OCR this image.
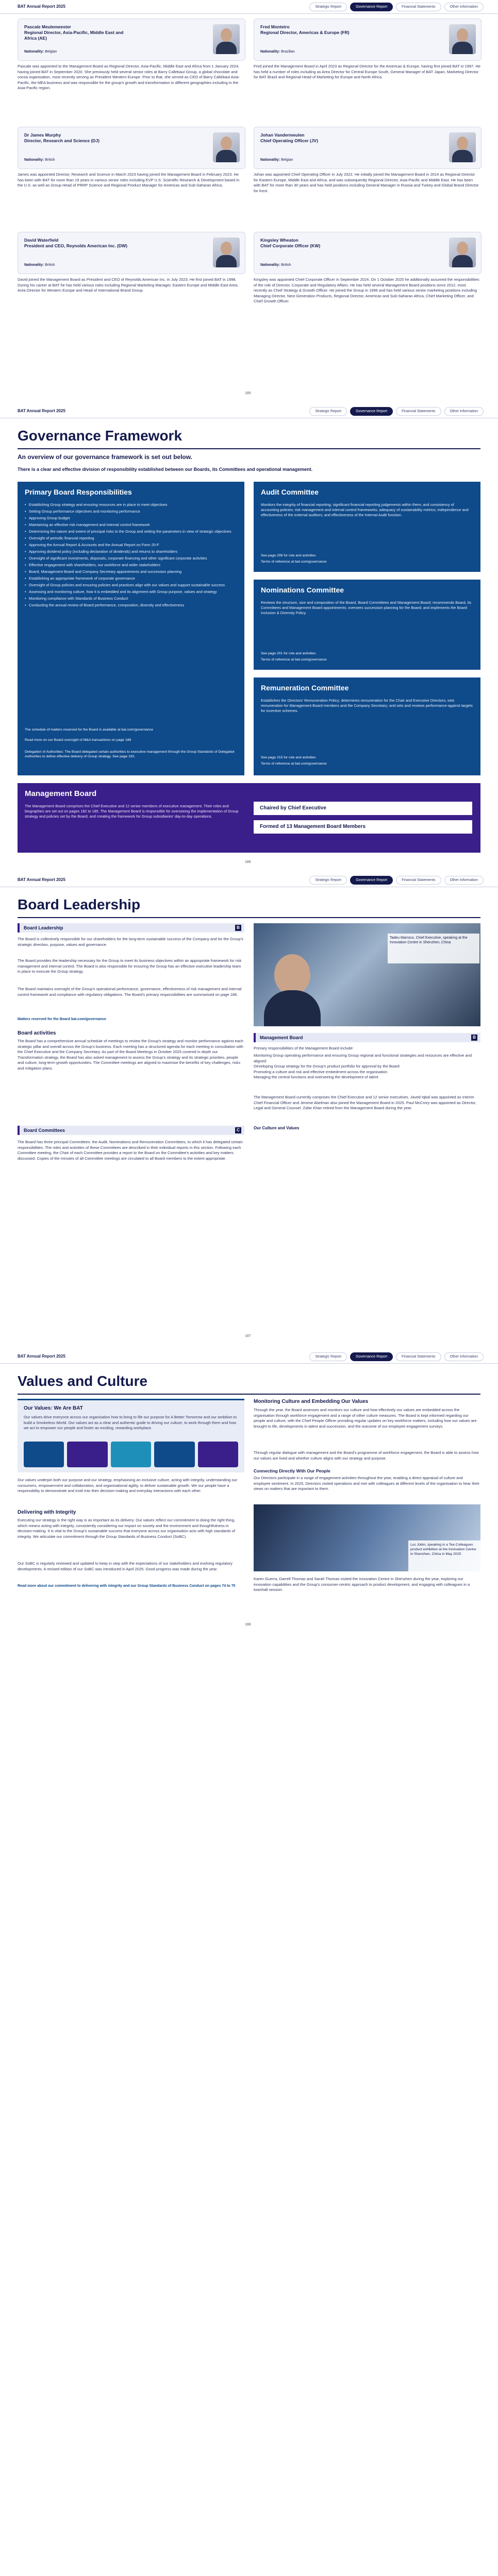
BAT Annual Report 2025	Strategic Report	Governance Report	Financial Statements	Other Information
Pascale Meulemeester
Regional Director, Asia-Pacific, Middle East and Africa (AE)
Nationality: Belgian
Fred Monteiro
Regional Director, Americas & Europe (FR)
Nationality: Brazilian
Pascale was appointed to the Management Board as Regional Director, Asia-Pacific, Middle East and Africa from 1 January 2024, having joined BAT in September 2020. She previously held several senior roles at Barry Callebaut Group, a global chocolate and cocoa organisation, most recently serving as President Western Europe. Prior to that, she served as CEO of Barry Callebaut Asia-Pacific, the MEA business and was responsible for the group's growth and transformation in different geographies including in the Asia-Pacific region.
Fred joined the Management Board in April 2023 as Regional Director for the Americas & Europe, having first joined BAT in 1997. He has held a number of roles including as Area Director for Central Europe South, General Manager of BAT Japan, Marketing Director for BAT Brazil and Regional Head of Marketing for Europe and North Africa.
Dr James Murphy
Director, Research and Science (DJ)
Nationality: British
Johan Vandermeulen
Chief Operating Officer (JV)
Nationality: Belgian
James was appointed Director, Research and Science in March 2023 having joined the Management Board in February 2023. He has been with BAT for more than 19 years in various senior roles including EVP U.S. Scientific Research & Development based in the U.S. as well as Group Head of PRRP Science and Regional Product Manager for Americas and Sub-Saharan Africa.
Johan was appointed Chief Operating Officer in July 2022. He initially joined the Management Board in 2014 as Regional Director for Eastern Europe, Middle East and Africa, and was subsequently Regional Director, Asia-Pacific and Middle East. He has been with BAT for more than 30 years and has held positions including General Manager in Russia and Turkey and Global Brand Director for Kent.
David Waterfield
President and CEO, Reynolds American Inc. (DW)
Nationality: British
Kingsley Wheaton
Chief Corporate Officer (KW)
Nationality: British
David joined the Management Board as President and CEO of Reynolds American Inc. in July 2023. He first joined BAT in 1998. During his career at BAT he has held various roles including Regional Marketing Manager, Eastern Europe and Middle East Area, Area Director for Western Europe and Head of International Brand Group.
Kingsley was appointed Chief Corporate Officer in September 2024. On 1 October 2025 he additionally assumed the responsibilities of the role of Director, Corporate and Regulatory Affairs. He has held several Management Board positions since 2012, most recently as Chief Strategy & Growth Officer. He joined the Group in 1996 and has held various senior marketing positions including Managing Director, Next Generation Products, Regional Director, Americas and Sub-Saharan Africa, Chief Marketing Officer, and Chief Growth Officer.
185
BAT Annual Report 2025	Strategic Report	Governance Report	Financial Statements	Other Information
Governance Framework
An overview of our governance framework is set out below.
There is a clear and effective division of responsibility established between our Boards, its Committees and operational management.
Primary Board Responsibilities
• Establishing Group strategy and ensuring resources are in place to meet objectives
• Setting Group performance objectives and monitoring performance
• Approving Group budget
• Maintaining an effective risk management and internal control framework
• Determining the nature and extent of principal risks to the Group and setting the parameters in view of strategic objectives
• Oversight of periodic financial reporting
• Approving the Annual Report & Accounts and the Annual Report on Form 20-F
• Approving dividend policy (including declaration of dividends) and returns to shareholders
• Oversight of significant investments, disposals, corporate financing and other significant corporate activities
• Effective engagement with shareholders, our workforce and wider stakeholders
• Board, Management Board and Company Secretary appointments and succession planning
• Establishing an appropriate framework of corporate governance
• Oversight of Group policies and ensuring policies and practices align with our values and support sustainable success
• Assessing and monitoring culture, how it is embedded and its alignment with Group purpose, values and strategy
• Monitoring compliance with Standards of Business Conduct
• Conducting the annual review of Board performance, composition, diversity and effectiveness
The schedule of matters reserved for the Board is available at bat.com/governance
Read more on our Board oversight of M&A transactions on page 188
Delegation of Authorities: The Board delegated certain authorities to executive management through the Group Standards of Delegated Authorities to define effective delivery of Group strategy. See page 192.
Audit Committee
Monitors the integrity of financial reporting; significant financial reporting judgements within them; and consistency of accounting policies; risk management and internal control frameworks; adequacy of sustainability metrics; independence and effectiveness of the external auditors; and effectiveness of the Internal Audit function.
See page 206 for role and activities
Terms of reference at bat.com/governance
Nominations Committee
Reviews the structure, size and composition of the Board, Board Committees and Management Board; recommends Board, its Committees and Management Board appointments; oversees succession planning for the Board; and implements the Board Inclusion & Diversity Policy.
See page 201 for role and activities
Terms of reference at bat.com/governance
Remuneration Committee
Establishes the Directors' Remuneration Policy; determines remuneration for the Chair and Executive Directors; sets remuneration for Management Board members and the Company Secretary; and sets and reviews performance-against targets for incentive schemes.
See page 215 for role and activities
Terms of reference at bat.com/governance
Management Board
The Management Board comprises the Chief Executive and 12 senior members of executive management. Their roles and biographies are set out on pages 182 to 185. The Management Board is responsible for overseeing the implementation of Group strategy and policies set by the Board, and creating the framework for Group subsidiaries' day-to-day operations.
Chaired by Chief Executive
Formed of 13 Management Board Members
186
BAT Annual Report 2025	Strategic Report	Governance Report	Financial Statements	Other Information
Board Leadership
Board Leadership	B
The Board is collectively responsible for our shareholders for the long-term sustainable success of the Company and for the Group's strategic direction, purpose, values and governance.
The Board provides the leadership necessary for the Group to meet its business objectives within an appropriate framework for risk management and internal control. The Board is also responsible for ensuring the Group has an effective executive leadership team in place to execute the Group strategy.
The Board maintains oversight of the Group's operational performance, governance, effectiveness of risk management and internal control framework and compliance with regulatory obligations. The Board's primary responsibilities are summarised on page 186.
Matters reserved for the Board bat.com/governance
Board activities
The Board has a comprehensive annual schedule of meetings to review the Group's strategy and monitor performance against each strategic pillar and overall across the Group's business. Each meeting has a structured agenda for each meeting in consultation with the Chief Executive and the Company Secretary. As part of the Board Meetings in October 2025 covered in depth our Transformation strategy, the Board has also asked management to assess the Group's strategy and its strategic priorities, people and culture, long-term growth opportunities. The Committee meetings are aligned to maximise the benefits of key challenges, risks and mitigation plans.
Board Committees	C
The Board has three principal Committees: the Audit, Nominations and Remuneration Committees, to which it has delegated certain responsibilities. The roles and activities of these Committees are described in their individual reports in this section. Following each Committee meeting, the Chair of each Committee provides a report to the Board on the Committee's activities and key matters discussed. Copies of the minutes of all Committee meetings are circulated to all Board members to the extent appropriate.
Tadeu Marroco, Chief Executive, speaking at the Innovation Centre in Shenzhen, China
Management Board	B
Primary responsibilities of the Management Board include:
Monitoring Group operating performance and ensuring Group regional and functional strategies and resources are effective and aligned
Developing Group strategy for the Group's product portfolio for approval by the Board
Promoting a culture and risk and effective embedment across the organisation
Managing the central functions and overseeing the development of talent
The Management Board currently comprises the Chief Executive and 12 senior executives. Javed Iqbal was appointed as Interim Chief Financial Officer and Jerome Abelman also joined the Management Board in 2025. Paul McCrory was appointed as Director, Legal and General Counsel. Zafar Khan retired from the Management Board during the year.
Our Culture and Values
187
BAT Annual Report 2025	Strategic Report	Governance Report	Financial Statements	Other Information
Values and Culture
Our Values: We Are BAT
Our values drive everyone across our organisation how to bring to life our purpose for A Better Tomorrow and our ambition to build a Smokeless World. Our values act as a clear and authentic guide to driving our culture, to work through them and how we act to empower our people and foster an exciting, rewarding workplace.
Our values underpin both our purpose and our strategy, emphasising an inclusive culture, acting with integrity, understanding our consumers, empowerment and collaboration, and organisational agility, to deliver sustainable growth. We our people have a responsibility to demonstrate and instil into their decision-making and everyday interactions with each other.
Delivering with Integrity
Executing our strategy in the right way is as important as its delivery. Our values reflect our commitment to doing the right thing, which means acting with integrity, consistently considering our impact on society and the environment and thoughtfulness in decision-making. It is vital to the Group's sustainable success that everyone across our organisation acts with high standards of integrity. We articulate our commitment through the Group Standards of Business Conduct (SoBC).
Our SoBC is regularly reviewed and updated to keep in step with the expectations of our stakeholders and evolving regulatory developments. A revised edition of our SoBC was introduced in April 2025. Good progress was made during the year.
Read more about our commitment to delivering with integrity and our Group Standards of Business Conduct on pages 74 to 75
Monitoring Culture and Embedding Our Values
Through the year, the Board assesses and monitors our culture and how effectively our values are embedded across the organisation through workforce engagement and a range of other culture measures. The Board is kept informed regarding our people and culture, with the Chief People Officer providing regular updates on key workforce matters, including how our values are brought to life, developments in talent and succession, and the outcome of our employee engagement surveys.
Through regular dialogue with management and the Board's programme of workforce engagement, the Board is able to assess how our values are lived and whether culture aligns with our strategy and purpose.
Connecting Directly With Our People
Our Directors participate in a range of engagement activities throughout the year, enabling a direct appraisal of culture and employee sentiment. In 2025, Directors visited operations and met with colleagues at different levels of the organisation to hear their views on matters that are important to them.
Luc Jobin, speaking in a Tea Colleagues product exhibition at the Innovation Centre in Shenzhen, China in May 2025
Karen Guerra, Darrell Thomas and Sarah Thomas visited the Innovation Centre in Shenzhen during the year, exploring our innovation capabilities and the Group's consumer-centric approach to product development, and engaging with colleagues in a townhall session.
188
